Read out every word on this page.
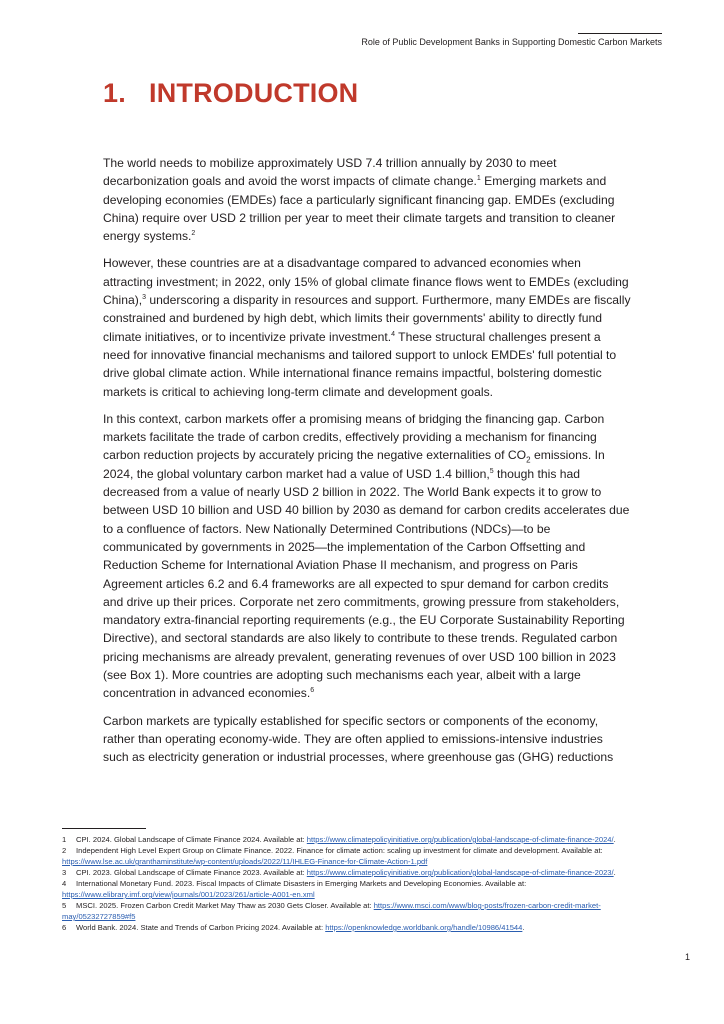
Role of Public Development Banks in Supporting Domestic Carbon Markets
1. INTRODUCTION

The world needs to mobilize approximately USD 7.4 trillion annually by 2030 to meet decarbonization goals and avoid the worst impacts of climate change.$^1$ Emerging markets and developing economies (EMDEs) face a particularly significant financing gap. EMDEs (excluding China) require over USD 2 trillion per year to meet their climate targets and transition to cleaner energy systems.$^2$

However, these countries are at a disadvantage compared to advanced economies when attracting investment; in 2022, only 15% of global climate finance flows went to EMDEs (excluding China),$^3$ underscoring a disparity in resources and support. Furthermore, many EMDEs are fiscally constrained and burdened by high debt, which limits their governments' ability to directly fund climate initiatives, or to incentivize private investment.$^4$ These structural challenges present a need for innovative financial mechanisms and tailored support to unlock EMDEs' full potential to drive global climate action. While international finance remains impactful, bolstering domestic markets is critical to achieving long-term climate and development goals.

In this context, carbon markets offer a promising means of bridging the financing gap. Carbon markets facilitate the trade of carbon credits, effectively providing a mechanism for financing carbon reduction projects by accurately pricing the negative externalities of $CO_2$ emissions. In 2024, the global voluntary carbon market had a value of USD 1.4 billion,$^5$ though this had decreased from a value of nearly USD 2 billion in 2022. The World Bank expects it to grow to between USD 10 billion and USD 40 billion by 2030 as demand for carbon credits accelerates due to a confluence of factors. New Nationally Determined Contributions (NDCs)—to be communicated by governments in 2025—the implementation of the Carbon Offsetting and Reduction Scheme for International Aviation Phase II mechanism, and progress on Paris Agreement articles 6.2 and 6.4 frameworks are all expected to spur demand for carbon credits and drive up their prices. Corporate net zero commitments, growing pressure from stakeholders, mandatory extra-financial reporting requirements (e.g., the EU Corporate Sustainability Reporting Directive), and sectoral standards are also likely to contribute to these trends. Regulated carbon pricing mechanisms are already prevalent, generating revenues of over USD 100 billion in 2023 (see Box 1). More countries are adopting such mechanisms each year, albeit with a large concentration in advanced economies.$^6$

Carbon markets are typically established for specific sectors or components of the economy, rather than operating economy-wide. They are often applied to emissions-intensive industries such as electricity generation or industrial processes, where greenhouse gas (GHG) reductions

1 CPI. 2024. Global Landscape of Climate Finance 2024. Available at: https://www.climatepolicyinitiative.org/publication/global-landscape-of-climate-finance-2024/.

2 Independent High Level Expert Group on Climate Finance. 2022. Finance for climate action: scaling up investment for climate and development. Available at: https://www.lse.ac.uk/granthaminstitute/wp-content/uploads/2022/11/IHLEG-Finance-for-Climate-Action-1.pdf

3 CPI. 2023. Global Landscape of Climate Finance 2023. Available at: https://www.climatepolicyinitiative.org/publication/global-landscape-of-climate-finance-2023/.

4 International Monetary Fund. 2023. Fiscal Impacts of Climate Disasters in Emerging Markets and Developing Economies. Available at: https://www.elibrary.imf.org/view/journals/001/2023/261/article-A001-en.xml

5 MSCI. 2025. Frozen Carbon Credit Market May Thaw as 2030 Gets Closer. Available at: https://www.msci.com/www/blog-posts/frozen-carbon-credit-market-may/05232727859#f5

6 World Bank. 2024. State and Trends of Carbon Pricing 2024. Available at: https://openknowledge.worldbank.org/handle/10986/41544.

1
